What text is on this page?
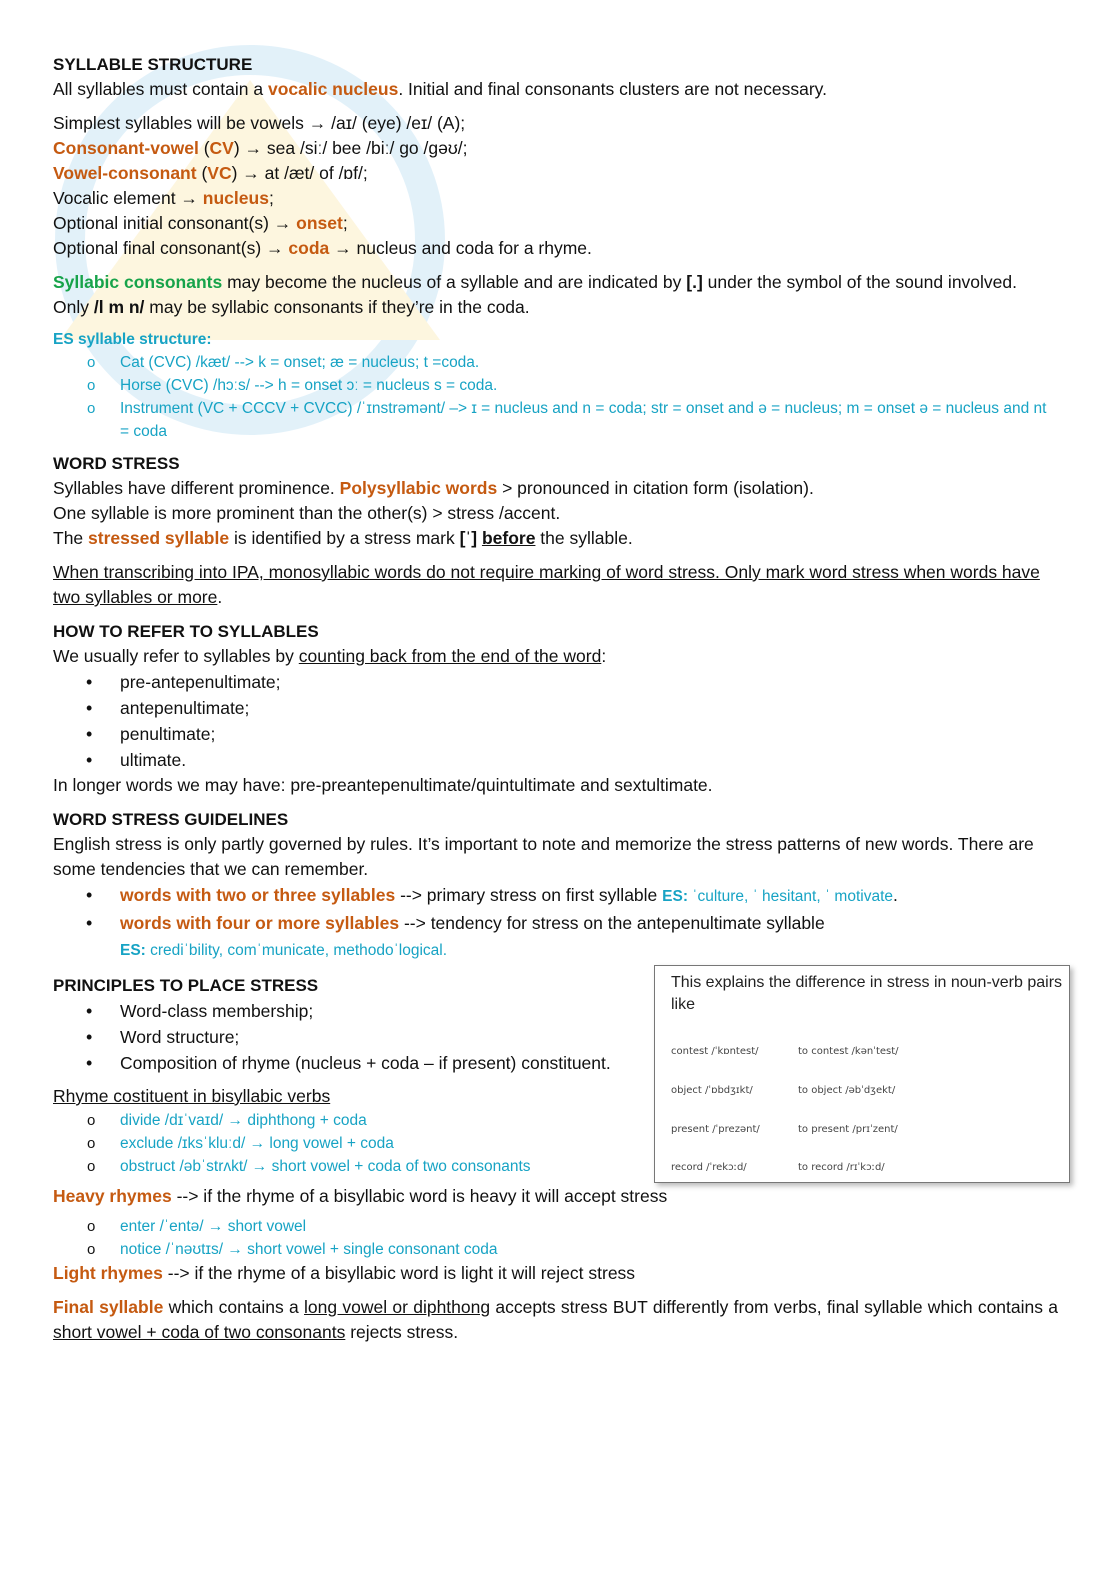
SYLLABLE STRUCTURE

All syllables must contain a vocalic nucleus. Initial and final consonants clusters are not necessary.

Simplest syllables will be vowels → /aɪ/ (eye) /eɪ/ (A);

Consonant-vowel (CV) → sea /siː/ bee /biː/ go /gəʊ/;

Vowel-consonant (VC) → at /æt/ of /ɒf/;

Vocalic element → nucleus;

Optional initial consonant(s) → onset;

Optional final consonant(s) → coda → nucleus and coda for a rhyme.

Syllabic consonants may become the nucleus of a syllable and are indicated by [.] under the symbol of the sound involved.

Only /l m n/ may be syllabic consonants if they’re in the coda.

ES syllable structure:

o Cat (CVC) /kæt/ --> k = onset; æ = nucleus; t =coda.
o Horse (CVC) /hɔːs/ --> h = onset ɔː = nucleus s = coda.
o Instrument (VC + CCCV + CVCC) /ˈɪnstrəmənt/ –> ɪ = nucleus and n = coda; str = onset and ə = nucleus; m = onset ə = nucleus and nt = coda

WORD STRESS

Syllables have different prominence. Polysyllabic words > pronounced in citation form (isolation).

One syllable is more prominent than the other(s) > stress /accent.

The stressed syllable is identified by a stress mark [ˈ] before the syllable.

When transcribing into IPA, monosyllabic words do not require marking of word stress. Only mark word stress when words have two syllables or more.

HOW TO REFER TO SYLLABLES

We usually refer to syllables by counting back from the end of the word:

• pre-antepenultimate;
• antepenultimate;
• penultimate;
• ultimate.

In longer words we may have: pre-preantepenultimate/quintultimate and sextultimate.

WORD STRESS GUIDELINES

English stress is only partly governed by rules. It’s important to note and memorize the stress patterns of new words. There are some tendencies that we can remember.

• words with two or three syllables --> primary stress on first syllable ES: ˈculture, ˈ hesitant, ˈ motivate.
• words with four or more syllables --> tendency for stress on the antepenultimate syllable
ES: crediˈbility, comˈmunicate, methodoˈlogical.

PRINCIPLES TO PLACE STRESS

• Word-class membership;
• Word structure;
• Composition of rhyme (nucleus + coda – if present) constituent.

Rhyme costituent in bisyllabic verbs

o divide /dɪˈvaɪd/ → diphthong + coda
o exclude /ɪksˈkluːd/ → long vowel + coda
o obstruct /əbˈstrʌkt/ → short vowel + coda of two consonants

Heavy rhymes --> if the rhyme of a bisyllabic word is heavy it will accept stress

o enter /ˈentə/ → short vowel
o notice /ˈnəʊtɪs/ → short vowel + single consonant coda

Light rhymes --> if the rhyme of a bisyllabic word is light it will reject stress

Final syllable which contains a long vowel or diphthong accepts stress BUT differently from verbs, final syllable which contains a short vowel + coda of two consonants rejects stress.

This explains the difference in stress in noun-verb pairs like
contest /ˈkɒntest/	to contest /kənˈtest/
object /ˈɒbdʒɪkt/	to object /əbˈdʒekt/
present /ˈprezənt/	to present /prɪˈzent/
record /ˈrekɔːd/	to record /rɪˈkɔːd/
